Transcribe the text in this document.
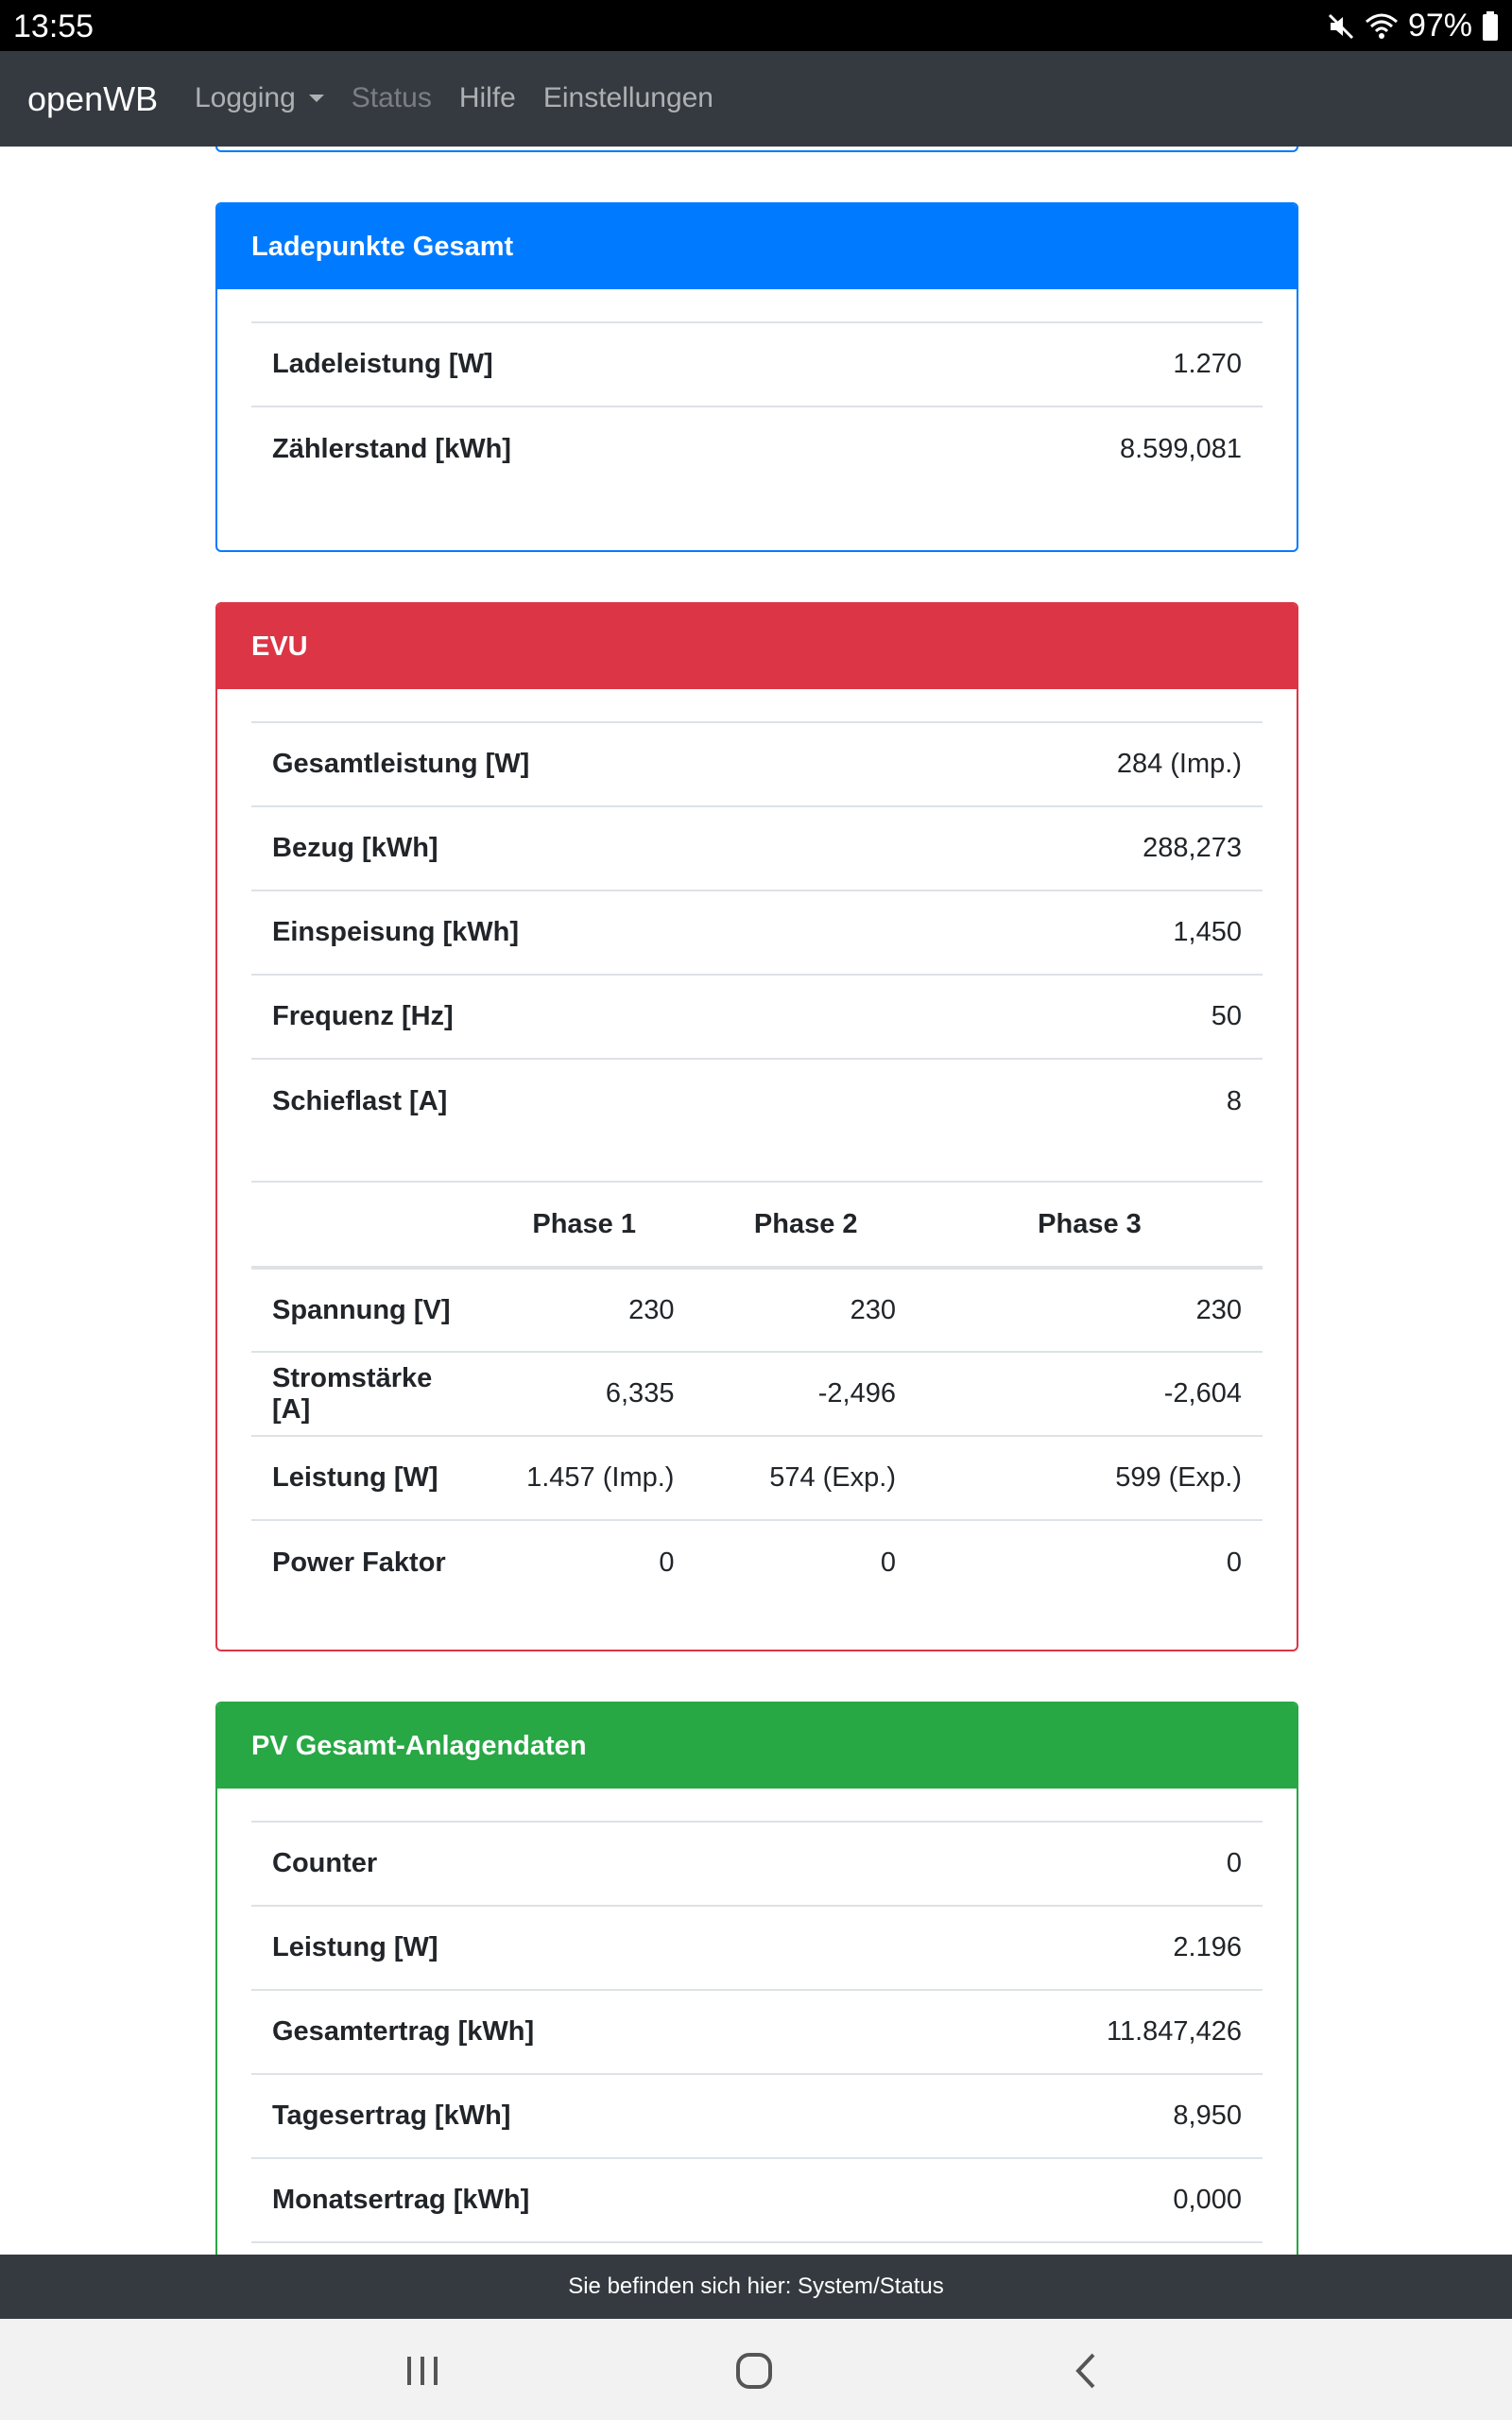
13:55	97%
openWB Logging Status Hilfe Einstellungen
Ladepunkte Gesamt
Ladeleistung [W]	1.270
Zählerstand [kWh]	8.599,081
EVU
Gesamtleistung [W]	284 (Imp.)
Bezug [kWh]	288,273
Einspeisung [kWh]	1,450
Frequenz [Hz]	50
Schieflast [A]	8
	Phase 1	Phase 2	Phase 3
Spannung [V]	230	230	230
Stromstärke [A]	6,335	-2,496	-2,604
Leistung [W]	1.457 (Imp.)	574 (Exp.)	599 (Exp.)
Power Faktor	0	0	0
PV Gesamt-Anlagendaten
Counter	0
Leistung [W]	2.196
Gesamtertrag [kWh]	11.847,426
Tagesertrag [kWh]	8,950
Monatsertrag [kWh]	0,000

Sie befinden sich hier: System/Status
